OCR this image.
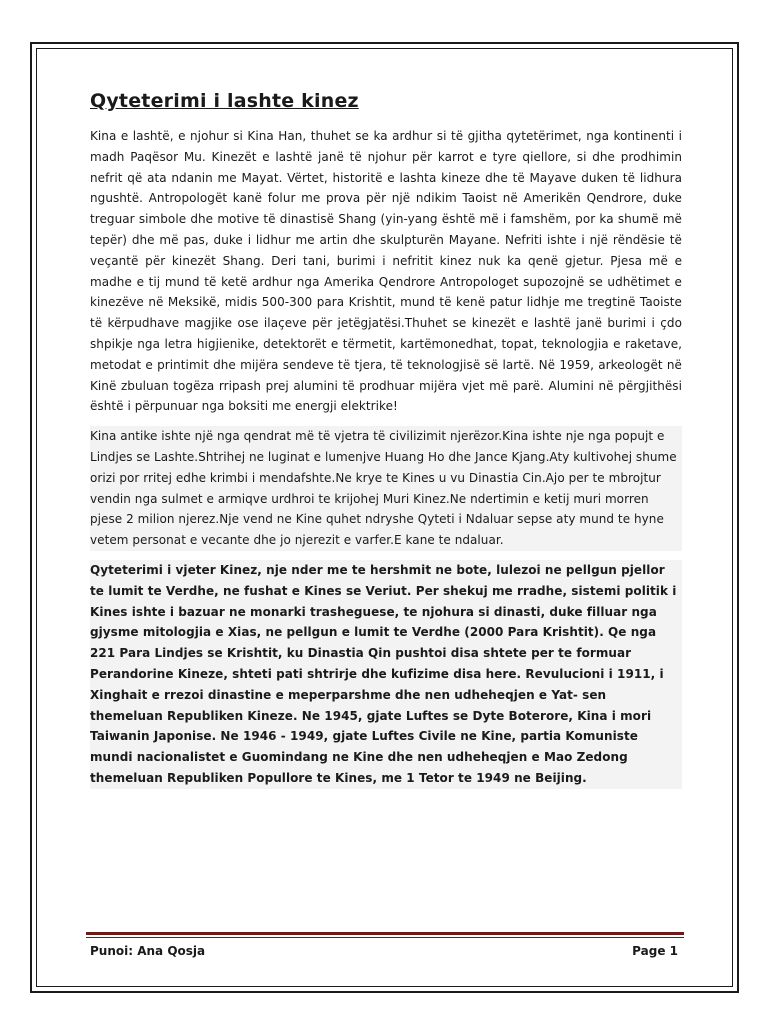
Qyteterimi i lashte kinez

Kina e lashtë, e njohur si Kina Han, thuhet se ka ardhur si të gjitha qytetërimet, nga kontinenti i madh Paqësor Mu. Kinezët e lashtë janë të njohur për karrot e tyre qiellore, si dhe prodhimin nefrit që ata ndanin me Mayat. Vërtet, historitë e lashta kineze dhe të Mayave duken të lidhura ngushtë. Antropologët kanë folur me prova për një ndikim Taoist në Amerikën Qendrore, duke treguar simbole dhe motive të dinastisë Shang (yin-yang është më i famshëm, por ka shumë më tepër) dhe më pas, duke i lidhur me artin dhe skulpturën Mayane. Nefriti ishte i një rëndësie të veçantë për kinezët Shang. Deri tani, burimi i nefritit kinez nuk ka qenë gjetur. Pjesa më e madhe e tij mund të ketë ardhur nga Amerika Qendrore Antropologet supozojnë se udhëtimet e kinezëve në Meksikë, midis 500-300 para Krishtit, mund të kenë patur lidhje me tregtinë Taoiste të kërpudhave magjike ose ilaçeve për jetëgjatësi.Thuhet se kinezët e lashtë janë burimi i çdo shpikje nga letra higjienike, detektorët e tërmetit, kartëmonedhat, topat, teknologjia e raketave, metodat e printimit dhe mijëra sendeve të tjera, të teknologjisë së lartë. Në 1959, arkeologët në Kinë zbuluan togëza rripash prej alumini të prodhuar mijëra vjet më parë. Alumini në përgjithësi është i përpunuar nga boksiti me energji elektrike!

Kina antike ishte një nga qendrat më të vjetra të civilizimit njerëzor.Kina ishte nje nga popujt e Lindjes se Lashte.Shtrihej ne luginat e lumenjve Huang Ho dhe Jance Kjang.Aty kultivohej shume orizi por rritej edhe krimbi i mendafshte.Ne krye te Kines u vu Dinastia Cin.Ajo per te mbrojtur vendin nga sulmet e armiqve urdhroi te krijohej Muri Kinez.Ne ndertimin e ketij muri morren pjese 2 milion njerez.Nje vend ne Kine quhet ndryshe Qyteti i Ndaluar sepse aty mund te hyne vetem personat e vecante dhe jo njerezit e varfer.E kane te ndaluar.

Qyteterimi i vjeter Kinez, nje nder me te hershmit ne bote, lulezoi ne pellgun pjellor te lumit te Verdhe, ne fushat e Kines se Veriut. Per shekuj me rradhe, sistemi politik i Kines ishte i bazuar ne monarki trasheguese, te njohura si dinasti, duke filluar nga gjysme mitologjia e Xias, ne pellgun e lumit te Verdhe (2000 Para Krishtit). Qe nga 221 Para Lindjes se Krishtit, ku Dinastia Qin pushtoi disa shtete per te formuar Perandorine Kineze, shteti pati shtrirje dhe kufizime disa here. Revulucioni i 1911, i Xinghait e rrezoi dinastine e meperparshme dhe nen udheheqjen e Yat- sen themeluan Republiken Kineze. Ne 1945, gjate Luftes se Dyte Boterore, Kina i mori Taiwanin Japonise. Ne 1946 - 1949, gjate Luftes Civile ne Kine, partia Komuniste mundi nacionalistet e Guomindang ne Kine dhe nen udheheqjen e Mao Zedong themeluan Republiken Popullore te Kines, me 1 Tetor te 1949 ne Beijing.

Punoi: Ana Qosja	Page 1
